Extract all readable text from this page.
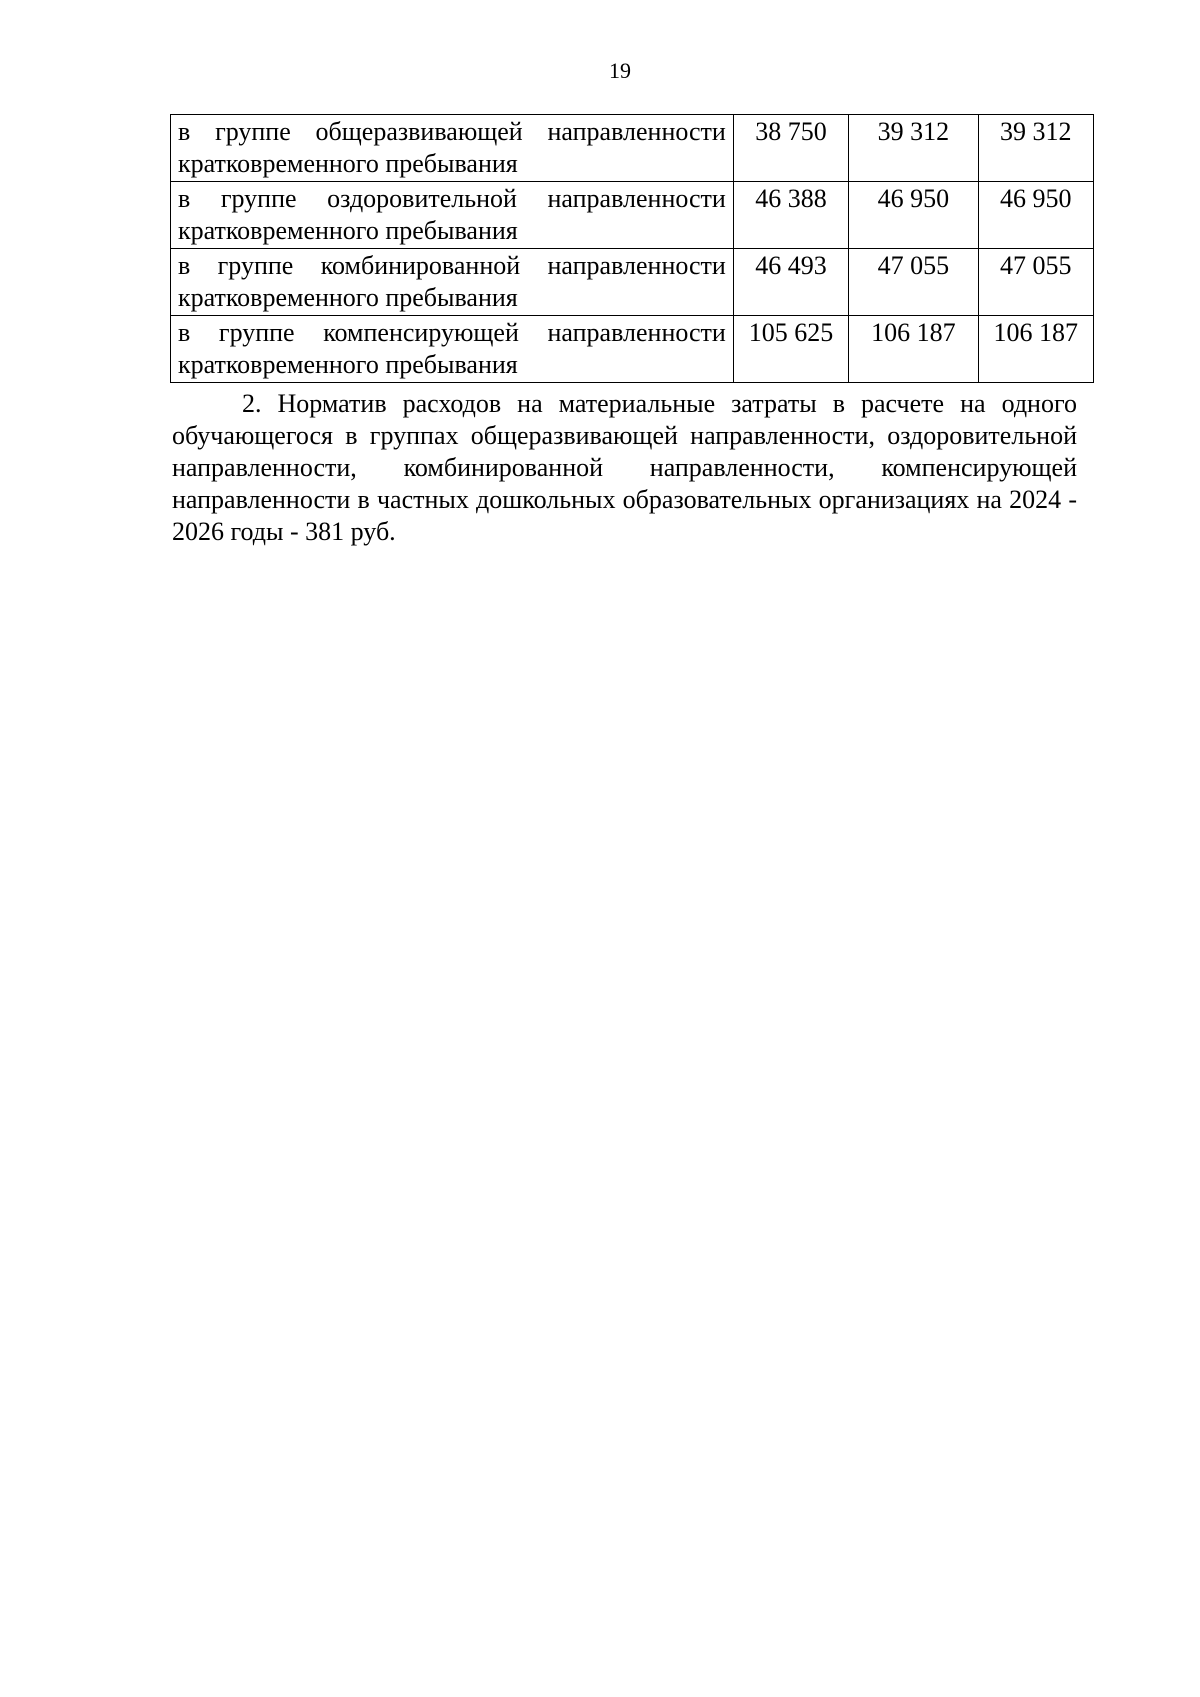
19
в группе общеразвивающей направленности кратковременного пребывания	38 750	39 312	39 312
в группе оздоровительной направленности кратковременного пребывания	46 388	46 950	46 950
в группе комбинированной направленности кратковременного пребывания	46 493	47 055	47 055
в группе компенсирующей направленности кратковременного пребывания	105 625	106 187	106 187

2. Норматив расходов на материальные затраты в расчете на одного обучающегося в группах общеразвивающей направленности, оздоровительной направленности, комбинированной направленности, компенсирующей направленности в частных дошкольных образовательных организациях на 2024 - 2026 годы - 381 руб.
